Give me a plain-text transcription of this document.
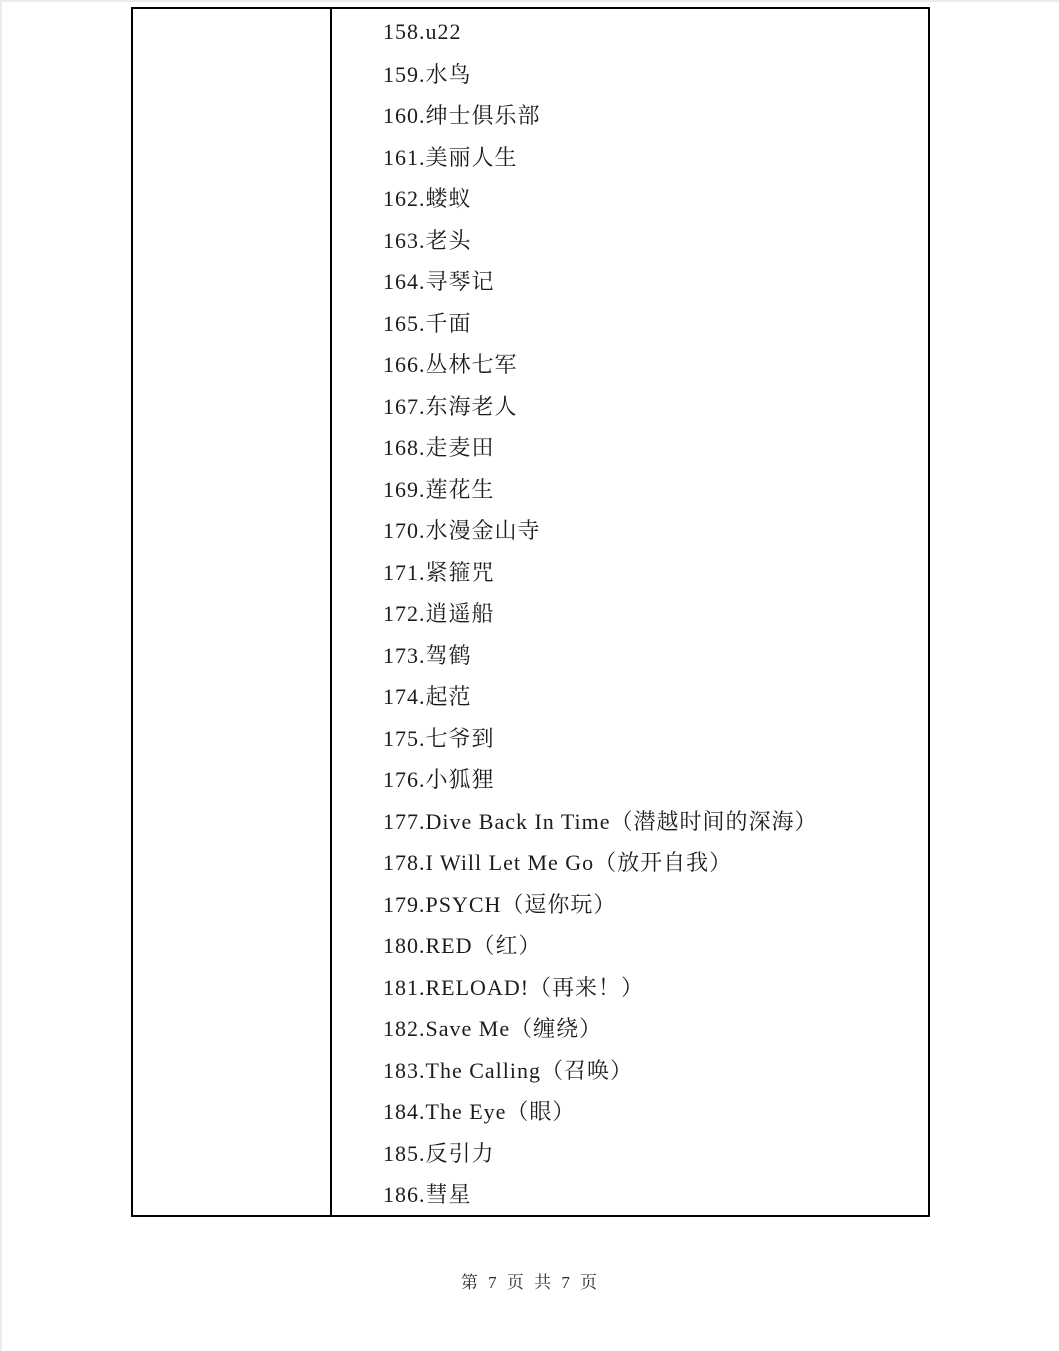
158.u22
159.水鸟
160.绅士俱乐部
161.美丽人生
162.蝼蚁
163.老头
164.寻琴记
165.千面
166.丛林七军
167.东海老人
168.走麦田
169.莲花生
170.水漫金山寺
171.紧箍咒
172.逍遥船
173.驾鹤
174.起范
175.七爷到
176.小狐狸
177.Dive Back In Time（潜越时间的深海）
178.I Will Let Me Go（放开自我）
179.PSYCH（逗你玩）
180.RED（红）
181.RELOAD!（再来！）
182.Save Me（缠绕）
183.The Calling（召唤）
184.The Eye（眼）
185.反引力
186.彗星
第 7 页 共 7 页
